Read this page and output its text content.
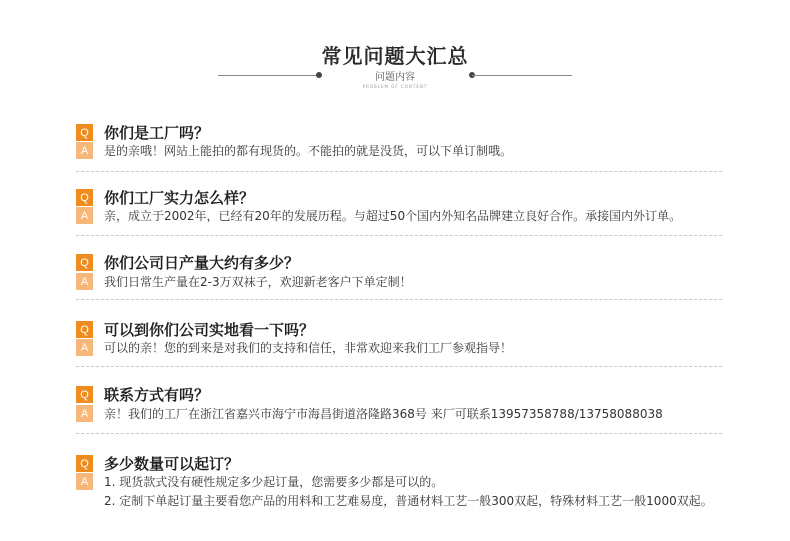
常见问题大汇总
问题内容
PROBLEM OF CONTENT
Q 你们是工厂吗？
A	是的亲哦！网站上能拍的都有现货的。不能拍的就是没货，可以下单订制哦。
Q 你们工厂实力怎么样？
A	亲，成立于2002年，已经有20年的发展历程。与超过50个国内外知名品牌建立良好合作。承接国内外订单。
Q 你们公司日产量大约有多少？
A	我们日常生产量在2-3万双袜子，欢迎新老客户下单定制！
Q 可以到你们公司实地看一下吗？
A	可以的亲！您的到来是对我们的支持和信任，非常欢迎来我们工厂参观指导！
Q 联系方式有吗？
A	亲！我们的工厂在浙江省嘉兴市海宁市海昌街道洛隆路368号 来厂可联系13957358788/13758088038
Q 多少数量可以起订？
A	1. 现货款式没有硬性规定多少起订量，您需要多少都是可以的。
2. 定制下单起订量主要看您产品的用料和工艺难易度，普通材料工艺一般300双起，特殊材料工艺一般1000双起。
